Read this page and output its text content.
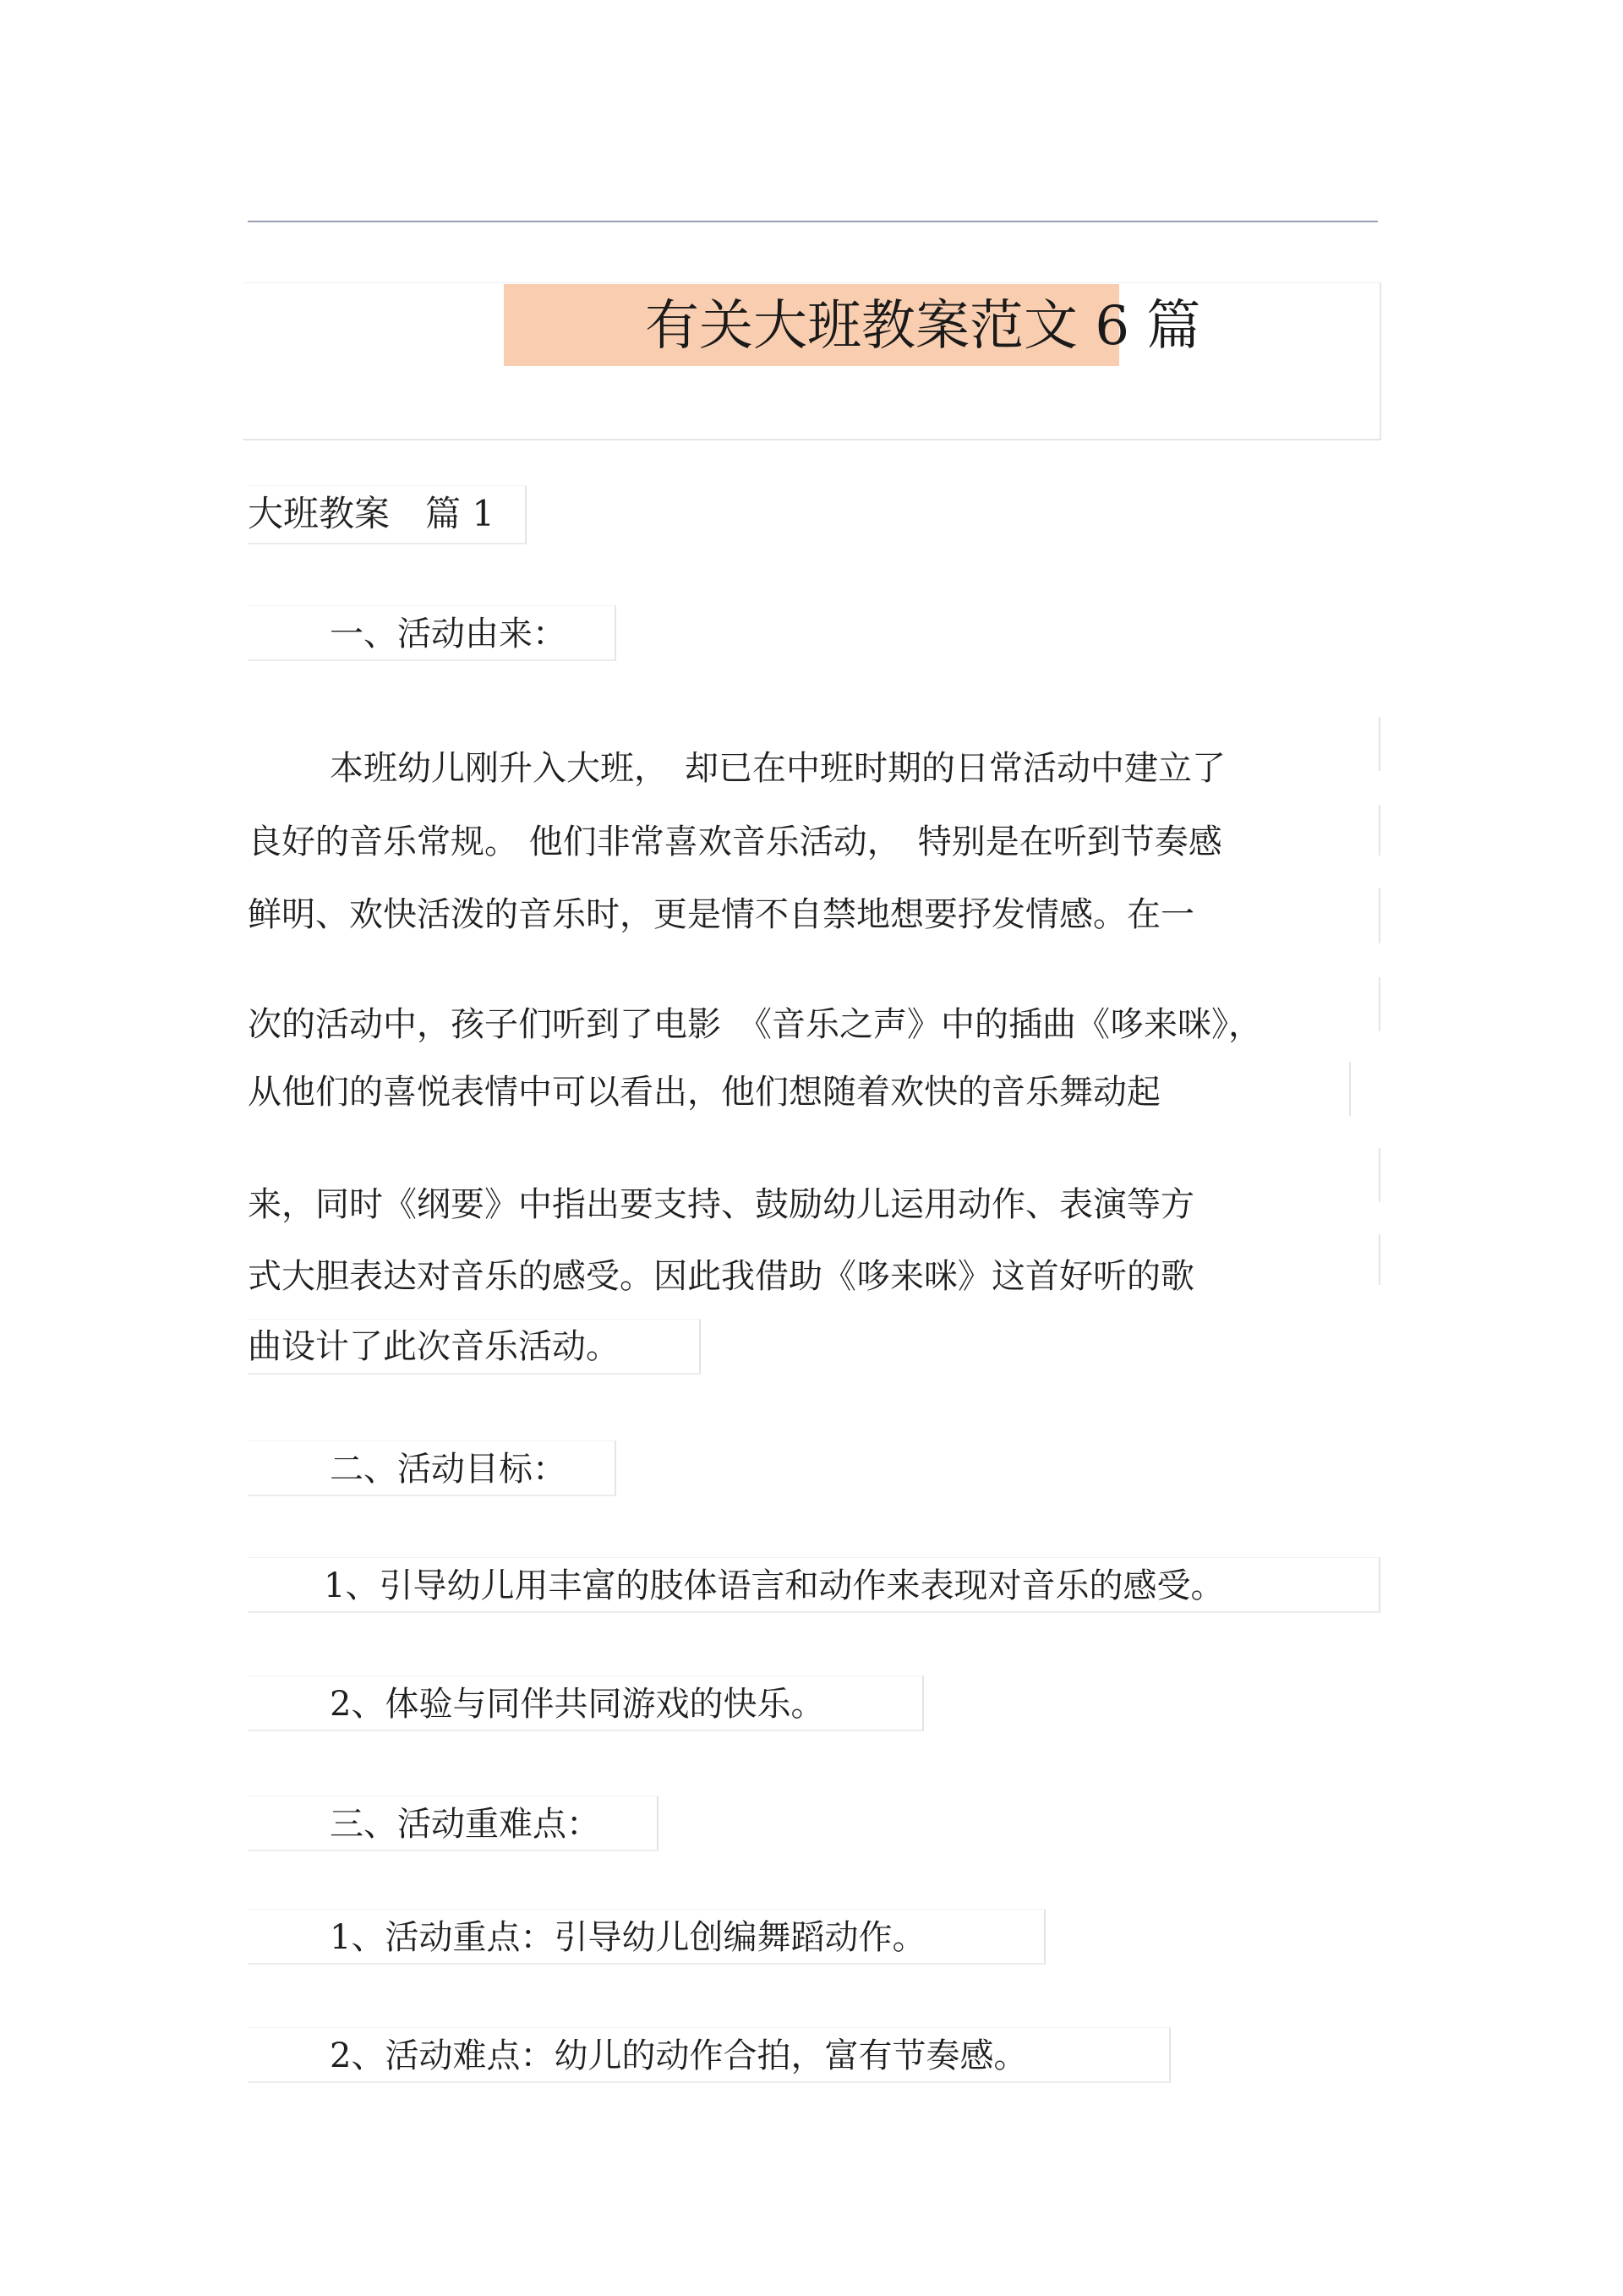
有关大班教案范文 6 篇
大班教案　篇 1
一、活动由来：
本班幼儿刚升入大班，　却已在中班时期的日常活动中建立了
良好的音乐常规。 他们非常喜欢音乐活动，　特别是在听到节奏感
鲜明、欢快活泼的音乐时，更是情不自禁地想要抒发情感。在一
次的活动中，孩子们听到了电影　《音乐之声》中的插曲《哆来咪》，
从他们的喜悦表情中可以看出，他们想随着欢快的音乐舞动起
来，同时《纲要》中指出要支持、鼓励幼儿运用动作、表演等方
式大胆表达对音乐的感受。因此我借助《哆来咪》这首好听的歌
曲设计了此次音乐活动。
二、活动目标：
1、引导幼儿用丰富的肢体语言和动作来表现对音乐的感受。
2、体验与同伴共同游戏的快乐。
三、活动重难点：
1、活动重点：引导幼儿创编舞蹈动作。
2、活动难点：幼儿的动作合拍，富有节奏感。
